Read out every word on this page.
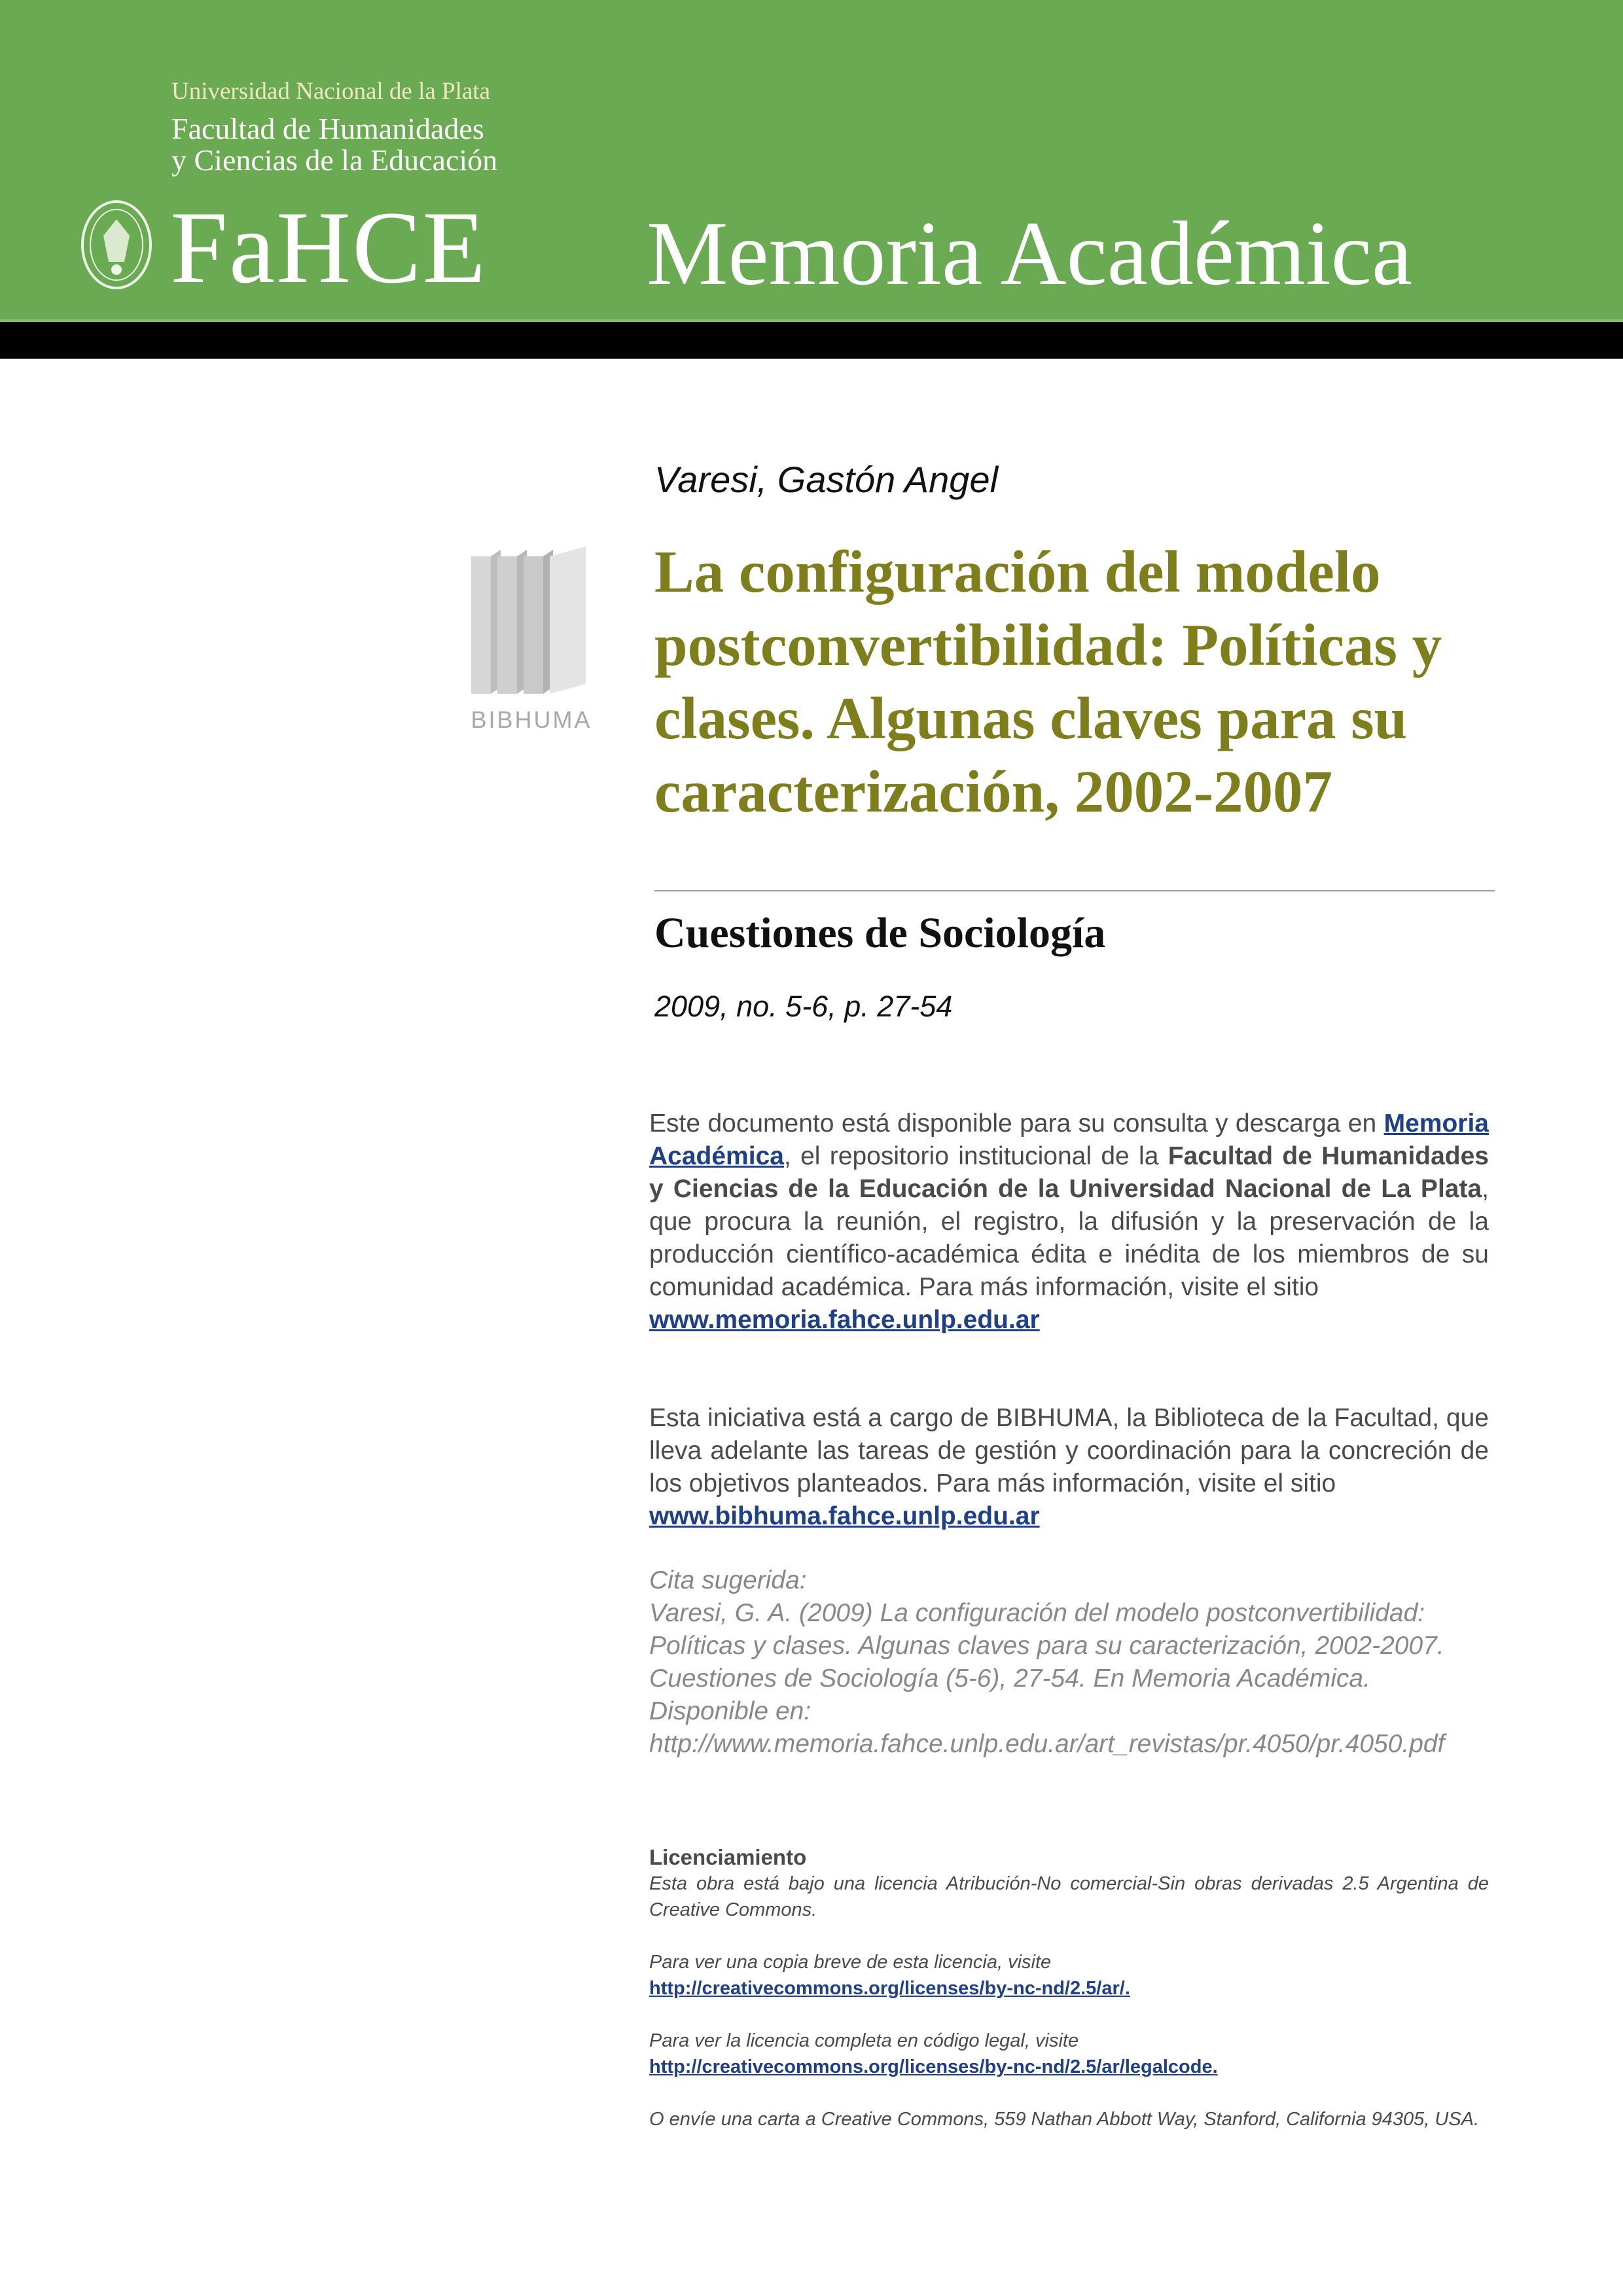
Universidad Nacional de la Plata
Facultad de Humanidades
y Ciencias de la Educación
FaHCE Memoria Académica
BIBHUMA
Varesi, Gastón Angel
La configuración del modelo postconvertibilidad: Políticas y clases. Algunas claves para su caracterización, 2002-2007
Cuestiones de Sociología
2009, no. 5-6, p. 27-54

Este documento está disponible para su consulta y descarga en Memoria Académica, el repositorio institucional de la Facultad de Humanidades y Ciencias de la Educación de la Universidad Nacional de La Plata, que procura la reunión, el registro, la difusión y la preservación de la producción científico-académica édita e inédita de los miembros de su comunidad académica. Para más información, visite el sitio
www.memoria.fahce.unlp.edu.ar

Esta iniciativa está a cargo de BIBHUMA, la Biblioteca de la Facultad, que lleva adelante las tareas de gestión y coordinación para la concreción de los objetivos planteados. Para más información, visite el sitio
www.bibhuma.fahce.unlp.edu.ar

Cita sugerida:
Varesi, G. A. (2009) La configuración del modelo postconvertibilidad:
Políticas y clases. Algunas claves para su caracterización, 2002-2007.
Cuestiones de Sociología (5-6), 27-54. En Memoria Académica.
Disponible en:
http://www.memoria.fahce.unlp.edu.ar/art_revistas/pr.4050/pr.4050.pdf

Licenciamiento

Esta obra está bajo una licencia Atribución-No comercial-Sin obras derivadas 2.5 Argentina de Creative Commons.

Para ver una copia breve de esta licencia, visite

http://creativecommons.org/licenses/by-nc-nd/2.5/ar/.

Para ver la licencia completa en código legal, visite

http://creativecommons.org/licenses/by-nc-nd/2.5/ar/legalcode.

O envíe una carta a Creative Commons, 559 Nathan Abbott Way, Stanford, California 94305, USA.
